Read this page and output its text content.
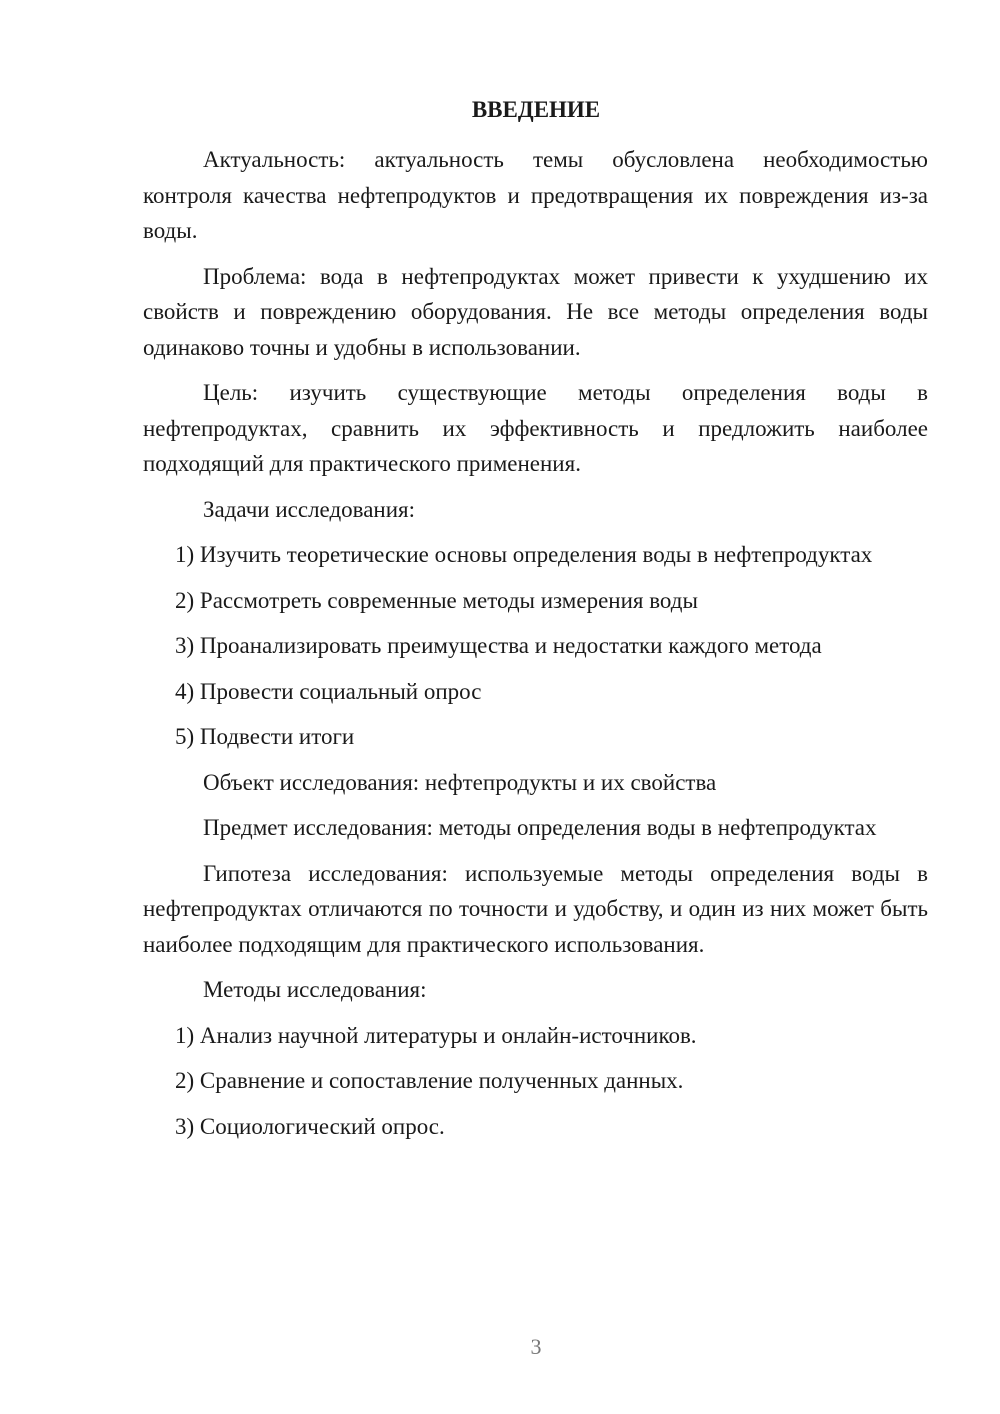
ВВЕДЕНИЕ

Актуальность: актуальность темы обусловлена необходимостью контроля качества нефтепродуктов и предотвращения их повреждения из-за воды.

Проблема: вода в нефтепродуктах может привести к ухудшению их свойств и повреждению оборудования. Не все методы определения воды одинаково точны и удобны в использовании.

Цель: изучить существующие методы определения воды в нефтепродуктах, сравнить их эффективность и предложить наиболее подходящий для практического применения.

Задачи исследования:

1) Изучить теоретические основы определения воды в нефтепродуктах
2) Рассмотреть современные методы измерения воды
3) Проанализировать преимущества и недостатки каждого метода
4) Провести социальный опрос
5) Подвести итоги

Объект исследования: нефтепродукты и их свойства

Предмет исследования: методы определения воды в нефтепродуктах

Гипотеза исследования: используемые методы определения воды в нефтепродуктах отличаются по точности и удобству, и один из них может быть наиболее подходящим для практического использования.

Методы исследования:

1) Анализ научной литературы и онлайн-источников.
2) Сравнение и сопоставление полученных данных.
3) Социологический опрос.
3
